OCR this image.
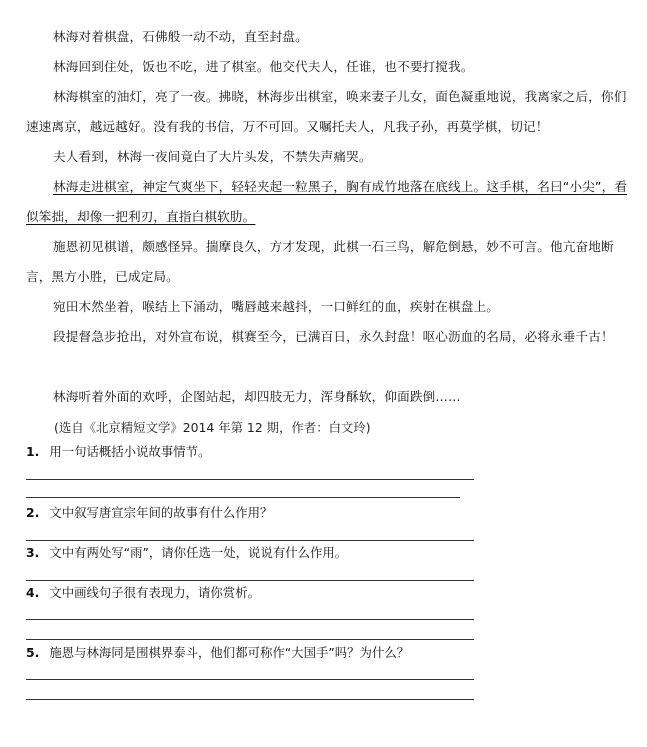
林海对着棋盘，石佛般一动不动，直至封盘。

林海回到住处，饭也不吃，进了棋室。他交代夫人，任谁，也不要打搅我。

林海棋室的油灯，亮了一夜。拂晓，林海步出棋室，唤来妻子儿女，面色凝重地说，我离家之后，你们速速离京，越远越好。没有我的书信，万不可回。又嘱托夫人，凡我子孙，再莫学棋，切记！

夫人看到，林海一夜间竟白了大片头发，不禁失声痛哭。

林海走进棋室，神定气爽坐下，轻轻夹起一粒黑子，胸有成竹地落在底线上。这手棋，名曰“小尖”，看似笨拙，却像一把利刃，直指白棋软肋。

施恩初见棋谱，颇感怪异。揣摩良久，方才发现，此棋一石三鸟，解危倒悬，妙不可言。他亢奋地断言，黑方小胜，已成定局。

宛田木然坐着，喉结上下涌动，嘴唇越来越抖，一口鲜红的血，疾射在棋盘上。

段提督急步抢出，对外宣布说，棋赛至今，已满百日，永久封盘！呕心沥血的名局，必将永垂千古！

林海听着外面的欢呼，企图站起，却四肢无力，浑身酥软，仰面跌倒……

(选自《北京精短文学》2014 年第 12 期，作者：白文玲)
1. 用一句话概括小说故事情节。
2. 文中叙写唐宣宗年间的故事有什么作用？
3. 文中有两处写“雨”，请你任选一处，说说有什么作用。
4. 文中画线句子很有表现力，请你赏析。
5. 施恩与林海同是围棋界泰斗，他们都可称作“大国手”吗？为什么？
